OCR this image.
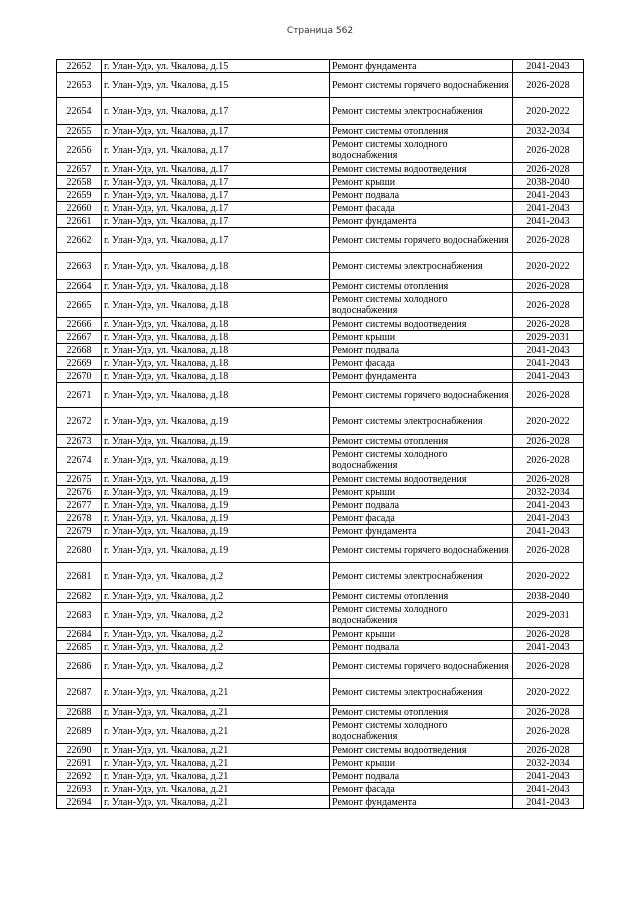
Страница 562
22652	г. Улан-Удэ, ул. Чкалова, д.15	Ремонт фундамента	2041-2043
22653	г. Улан-Удэ, ул. Чкалова, д.15	Ремонт системы горячего водоснабжения	2026-2028
22654	г. Улан-Удэ, ул. Чкалова, д.17	Ремонт системы электроснабжения	2020-2022
22655	г. Улан-Удэ, ул. Чкалова, д.17	Ремонт системы отопления	2032-2034
22656	г. Улан-Удэ, ул. Чкалова, д.17	Ремонт системы холодного водоснабжения	2026-2028
22657	г. Улан-Удэ, ул. Чкалова, д.17	Ремонт системы водоотведения	2026-2028
22658	г. Улан-Удэ, ул. Чкалова, д.17	Ремонт крыши	2038-2040
22659	г. Улан-Удэ, ул. Чкалова, д.17	Ремонт подвала	2041-2043
22660	г. Улан-Удэ, ул. Чкалова, д.17	Ремонт фасада	2041-2043
22661	г. Улан-Удэ, ул. Чкалова, д.17	Ремонт фундамента	2041-2043
22662	г. Улан-Удэ, ул. Чкалова, д.17	Ремонт системы горячего водоснабжения	2026-2028
22663	г. Улан-Удэ, ул. Чкалова, д.18	Ремонт системы электроснабжения	2020-2022
22664	г. Улан-Удэ, ул. Чкалова, д.18	Ремонт системы отопления	2026-2028
22665	г. Улан-Удэ, ул. Чкалова, д.18	Ремонт системы холодного водоснабжения	2026-2028
22666	г. Улан-Удэ, ул. Чкалова, д.18	Ремонт системы водоотведения	2026-2028
22667	г. Улан-Удэ, ул. Чкалова, д.18	Ремонт крыши	2029-2031
22668	г. Улан-Удэ, ул. Чкалова, д.18	Ремонт подвала	2041-2043
22669	г. Улан-Удэ, ул. Чкалова, д.18	Ремонт фасада	2041-2043
22670	г. Улан-Удэ, ул. Чкалова, д.18	Ремонт фундамента	2041-2043
22671	г. Улан-Удэ, ул. Чкалова, д.18	Ремонт системы горячего водоснабжения	2026-2028
22672	г. Улан-Удэ, ул. Чкалова, д.19	Ремонт системы электроснабжения	2020-2022
22673	г. Улан-Удэ, ул. Чкалова, д.19	Ремонт системы отопления	2026-2028
22674	г. Улан-Удэ, ул. Чкалова, д.19	Ремонт системы холодного водоснабжения	2026-2028
22675	г. Улан-Удэ, ул. Чкалова, д.19	Ремонт системы водоотведения	2026-2028
22676	г. Улан-Удэ, ул. Чкалова, д.19	Ремонт крыши	2032-2034
22677	г. Улан-Удэ, ул. Чкалова, д.19	Ремонт подвала	2041-2043
22678	г. Улан-Удэ, ул. Чкалова, д.19	Ремонт фасада	2041-2043
22679	г. Улан-Удэ, ул. Чкалова, д.19	Ремонт фундамента	2041-2043
22680	г. Улан-Удэ, ул. Чкалова, д.19	Ремонт системы горячего водоснабжения	2026-2028
22681	г. Улан-Удэ, ул. Чкалова, д.2	Ремонт системы электроснабжения	2020-2022
22682	г. Улан-Удэ, ул. Чкалова, д.2	Ремонт системы отопления	2038-2040
22683	г. Улан-Удэ, ул. Чкалова, д.2	Ремонт системы холодного водоснабжения	2029-2031
22684	г. Улан-Удэ, ул. Чкалова, д.2	Ремонт крыши	2026-2028
22685	г. Улан-Удэ, ул. Чкалова, д.2	Ремонт подвала	2041-2043
22686	г. Улан-Удэ, ул. Чкалова, д.2	Ремонт системы горячего водоснабжения	2026-2028
22687	г. Улан-Удэ, ул. Чкалова, д.21	Ремонт системы электроснабжения	2020-2022
22688	г. Улан-Удэ, ул. Чкалова, д.21	Ремонт системы отопления	2026-2028
22689	г. Улан-Удэ, ул. Чкалова, д.21	Ремонт системы холодного водоснабжения	2026-2028
22690	г. Улан-Удэ, ул. Чкалова, д.21	Ремонт системы водоотведения	2026-2028
22691	г. Улан-Удэ, ул. Чкалова, д.21	Ремонт крыши	2032-2034
22692	г. Улан-Удэ, ул. Чкалова, д.21	Ремонт подвала	2041-2043
22693	г. Улан-Удэ, ул. Чкалова, д.21	Ремонт фасада	2041-2043
22694	г. Улан-Удэ, ул. Чкалова, д.21	Ремонт фундамента	2041-2043
